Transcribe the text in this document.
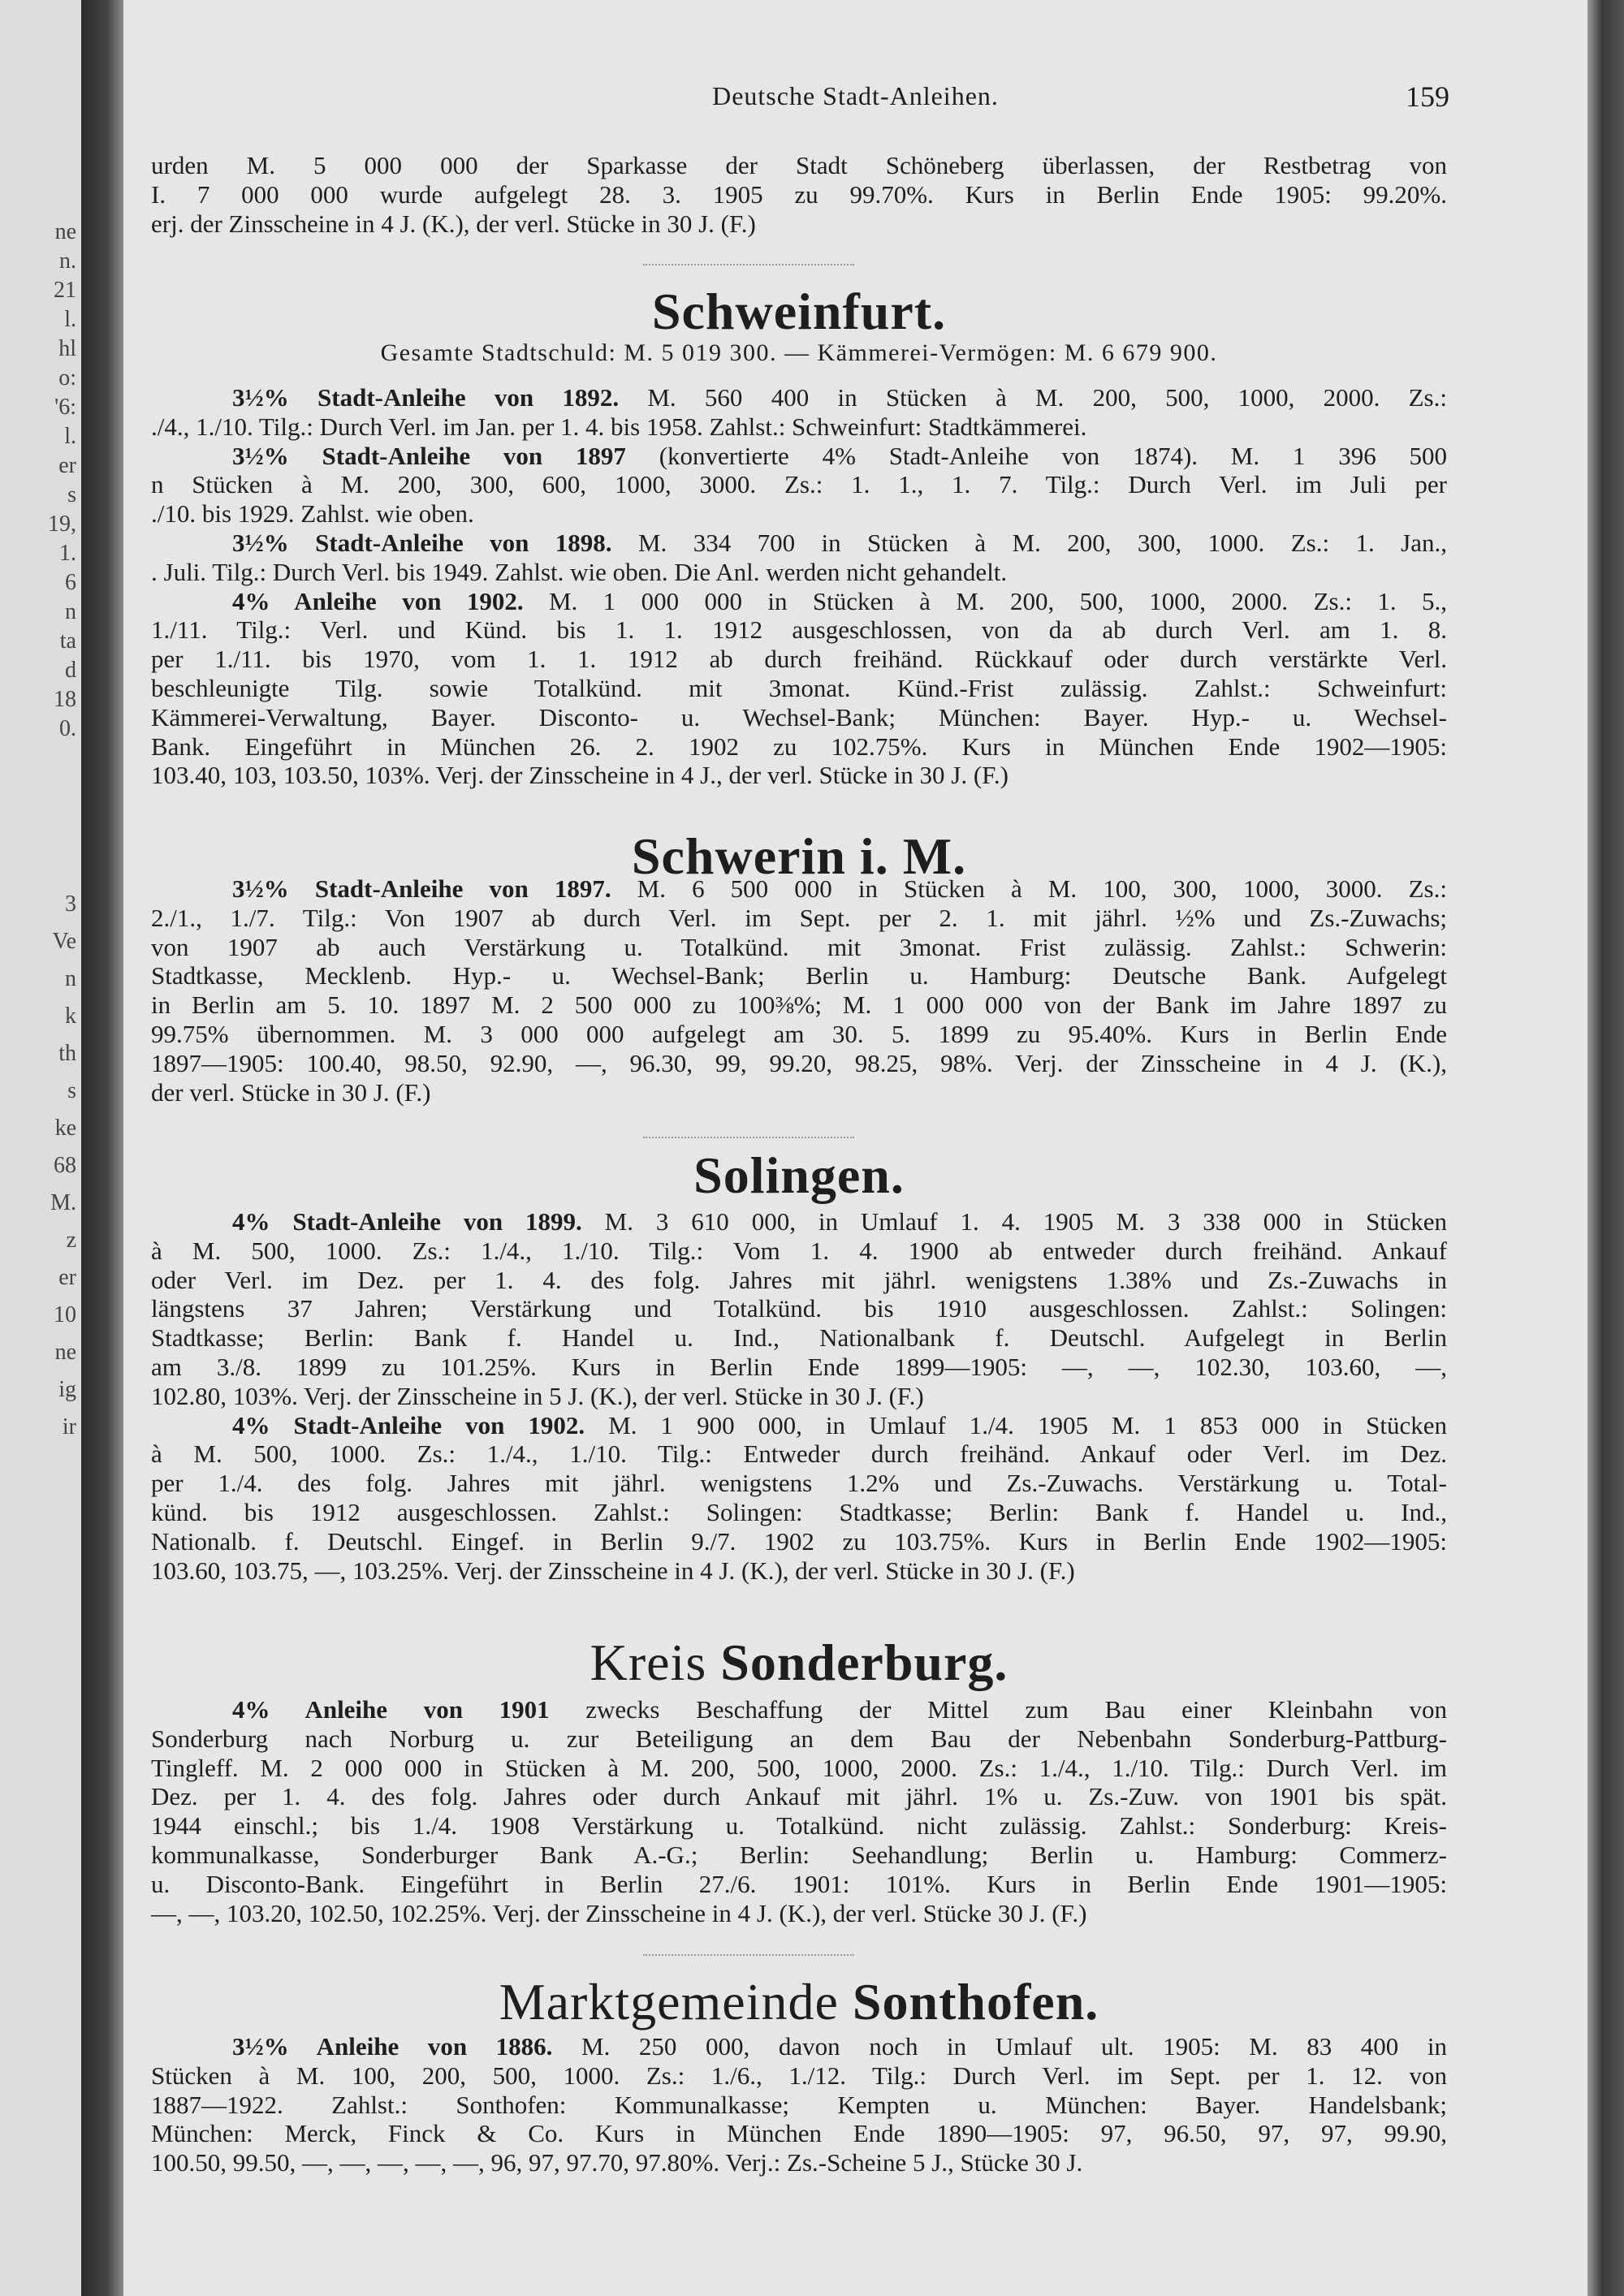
ne
n.
21
l.
hl
o:
'6:
l.
er
s
19,
1.
6
n
ta
d
18
0.
3
Ve
n
k
th
s
ke
68
M.
z
er
10
ne
ig
ir
Deutsche Stadt-Anleihen.	159
urden M. 5 000 000 der Sparkasse der Stadt Schöneberg überlassen, der Restbetrag von
I. 7 000 000 wurde aufgelegt 28. 3. 1905 zu 99.70%. Kurs in Berlin Ende 1905: 99.20%.
erj. der Zinsscheine in 4 J. (K.), der verl. Stücke in 30 J. (F.)
Schweinfurt.
Gesamte Stadtschuld: M. 5 019 300. — Kämmerei-Vermögen: M. 6 679 900.
3½% Stadt-Anleihe von 1892. M. 560 400 in Stücken à M. 200, 500, 1000, 2000. Zs.:
./4., 1./10. Tilg.: Durch Verl. im Jan. per 1. 4. bis 1958. Zahlst.: Schweinfurt: Stadtkämmerei.
3½% Stadt-Anleihe von 1897 (konvertierte 4% Stadt-Anleihe von 1874). M. 1 396 500
n Stücken à M. 200, 300, 600, 1000, 3000. Zs.: 1. 1., 1. 7. Tilg.: Durch Verl. im Juli per
./10. bis 1929. Zahlst. wie oben.
3½% Stadt-Anleihe von 1898. M. 334 700 in Stücken à M. 200, 300, 1000. Zs.: 1. Jan.,
. Juli. Tilg.: Durch Verl. bis 1949. Zahlst. wie oben. Die Anl. werden nicht gehandelt.
4% Anleihe von 1902. M. 1 000 000 in Stücken à M. 200, 500, 1000, 2000. Zs.: 1. 5.,
1./11. Tilg.: Verl. und Künd. bis 1. 1. 1912 ausgeschlossen, von da ab durch Verl. am 1. 8.
per 1./11. bis 1970, vom 1. 1. 1912 ab durch freihänd. Rückkauf oder durch verstärkte Verl.
beschleunigte Tilg. sowie Totalkünd. mit 3monat. Künd.-Frist zulässig. Zahlst.: Schweinfurt:
Kämmerei-Verwaltung, Bayer. Disconto- u. Wechsel-Bank; München: Bayer. Hyp.- u. Wechsel-
Bank. Eingeführt in München 26. 2. 1902 zu 102.75%. Kurs in München Ende 1902—1905:
103.40, 103, 103.50, 103%. Verj. der Zinsscheine in 4 J., der verl. Stücke in 30 J. (F.)
Schwerin i. M.
3½% Stadt-Anleihe von 1897. M. 6 500 000 in Stücken à M. 100, 300, 1000, 3000. Zs.:
2./1., 1./7. Tilg.: Von 1907 ab durch Verl. im Sept. per 2. 1. mit jährl. ½% und Zs.-Zuwachs;
von 1907 ab auch Verstärkung u. Totalkünd. mit 3monat. Frist zulässig. Zahlst.: Schwerin:
Stadtkasse, Mecklenb. Hyp.- u. Wechsel-Bank; Berlin u. Hamburg: Deutsche Bank. Aufgelegt
in Berlin am 5. 10. 1897 M. 2 500 000 zu 100⅜%; M. 1 000 000 von der Bank im Jahre 1897 zu
99.75% übernommen. M. 3 000 000 aufgelegt am 30. 5. 1899 zu 95.40%. Kurs in Berlin Ende
1897—1905: 100.40, 98.50, 92.90, —, 96.30, 99, 99.20, 98.25, 98%. Verj. der Zinsscheine in 4 J. (K.),
der verl. Stücke in 30 J. (F.)
Solingen.
4% Stadt-Anleihe von 1899. M. 3 610 000, in Umlauf 1. 4. 1905 M. 3 338 000 in Stücken
à M. 500, 1000. Zs.: 1./4., 1./10. Tilg.: Vom 1. 4. 1900 ab entweder durch freihänd. Ankauf
oder Verl. im Dez. per 1. 4. des folg. Jahres mit jährl. wenigstens 1.38% und Zs.-Zuwachs in
längstens 37 Jahren; Verstärkung und Totalkünd. bis 1910 ausgeschlossen. Zahlst.: Solingen:
Stadtkasse; Berlin: Bank f. Handel u. Ind., Nationalbank f. Deutschl. Aufgelegt in Berlin
am 3./8. 1899 zu 101.25%. Kurs in Berlin Ende 1899—1905: —, —, 102.30, 103.60, —,
102.80, 103%. Verj. der Zinsscheine in 5 J. (K.), der verl. Stücke in 30 J. (F.)
4% Stadt-Anleihe von 1902. M. 1 900 000, in Umlauf 1./4. 1905 M. 1 853 000 in Stücken
à M. 500, 1000. Zs.: 1./4., 1./10. Tilg.: Entweder durch freihänd. Ankauf oder Verl. im Dez.
per 1./4. des folg. Jahres mit jährl. wenigstens 1.2% und Zs.-Zuwachs. Verstärkung u. Total-
künd. bis 1912 ausgeschlossen. Zahlst.: Solingen: Stadtkasse; Berlin: Bank f. Handel u. Ind.,
Nationalb. f. Deutschl. Eingef. in Berlin 9./7. 1902 zu 103.75%. Kurs in Berlin Ende 1902—1905:
103.60, 103.75, —, 103.25%. Verj. der Zinsscheine in 4 J. (K.), der verl. Stücke in 30 J. (F.)
Kreis Sonderburg.
4% Anleihe von 1901 zwecks Beschaffung der Mittel zum Bau einer Kleinbahn von
Sonderburg nach Norburg u. zur Beteiligung an dem Bau der Nebenbahn Sonderburg-Pattburg-
Tingleff. M. 2 000 000 in Stücken à M. 200, 500, 1000, 2000. Zs.: 1./4., 1./10. Tilg.: Durch Verl. im
Dez. per 1. 4. des folg. Jahres oder durch Ankauf mit jährl. 1% u. Zs.-Zuw. von 1901 bis spät.
1944 einschl.; bis 1./4. 1908 Verstärkung u. Totalkünd. nicht zulässig. Zahlst.: Sonderburg: Kreis-
kommunalkasse, Sonderburger Bank A.-G.; Berlin: Seehandlung; Berlin u. Hamburg: Commerz-
u. Disconto-Bank. Eingeführt in Berlin 27./6. 1901: 101%. Kurs in Berlin Ende 1901—1905:
—, —, 103.20, 102.50, 102.25%. Verj. der Zinsscheine in 4 J. (K.), der verl. Stücke 30 J. (F.)
Marktgemeinde Sonthofen.
3½% Anleihe von 1886. M. 250 000, davon noch in Umlauf ult. 1905: M. 83 400 in
Stücken à M. 100, 200, 500, 1000. Zs.: 1./6., 1./12. Tilg.: Durch Verl. im Sept. per 1. 12. von
1887—1922. Zahlst.: Sonthofen: Kommunalkasse; Kempten u. München: Bayer. Handelsbank;
München: Merck, Finck & Co. Kurs in München Ende 1890—1905: 97, 96.50, 97, 97, 99.90,
100.50, 99.50, —, —, —, —, —, 96, 97, 97.70, 97.80%. Verj.: Zs.-Scheine 5 J., Stücke 30 J.
